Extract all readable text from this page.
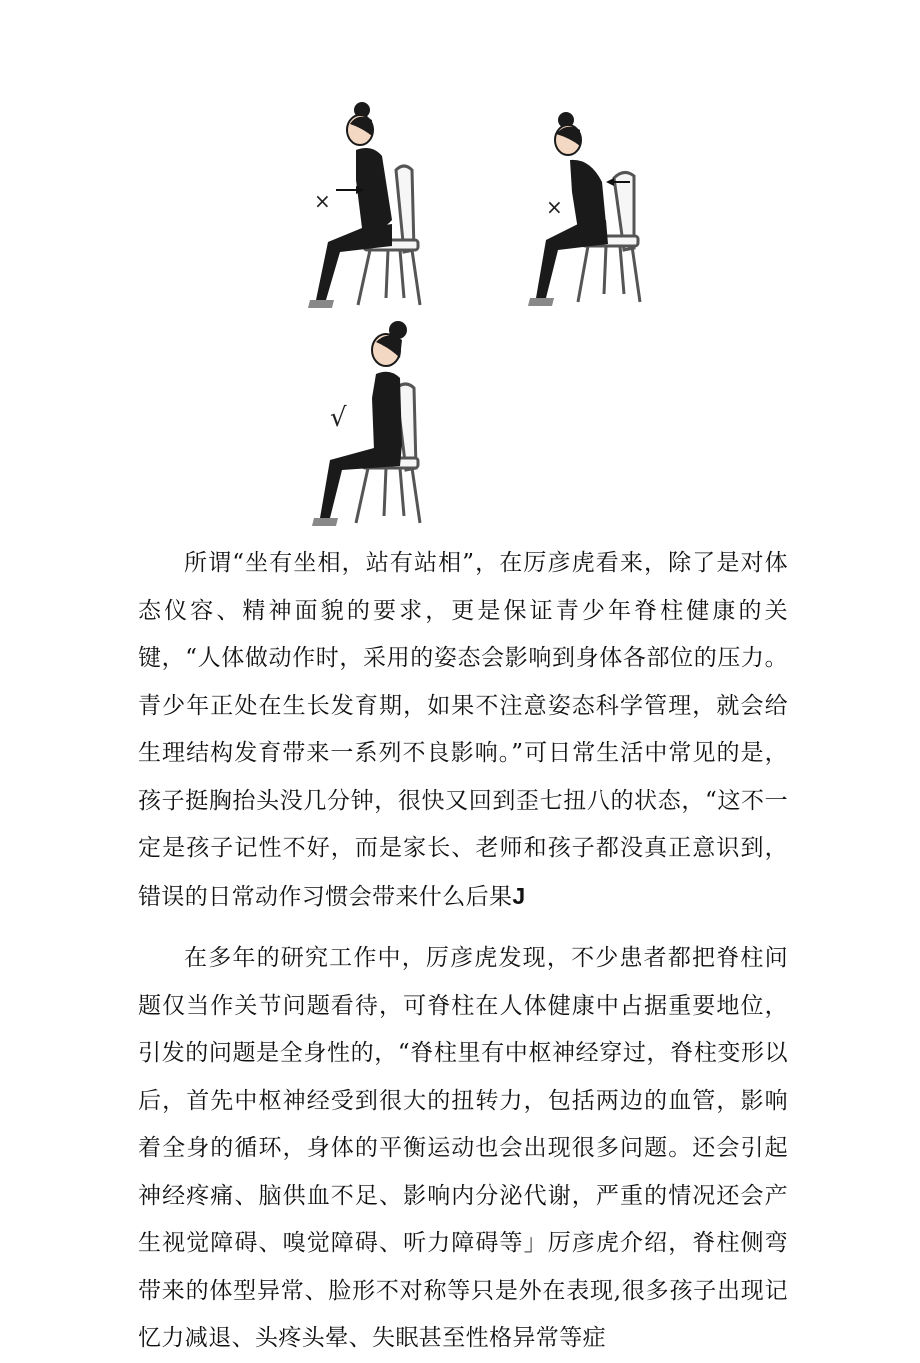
×	×
√

所谓“坐有坐相，站有站相”，在厉彦虎看来，除了是对体态仪容、精神面貌的要求，更是保证青少年脊柱健康的关键，“人体做动作时，采用的姿态会影响到身体各部位的压力。青少年正处在生长发育期，如果不注意姿态科学管理，就会给生理结构发育带来一系列不良影响。”可日常生活中常见的是，孩子挺胸抬头没几分钟，很快又回到歪七扭八的状态，“这不一定是孩子记性不好，而是家长、老师和孩子都没真正意识到，错误的日常动作习惯会带来什么后果J

在多年的研究工作中，厉彦虎发现，不少患者都把脊柱问题仅当作关节问题看待，可脊柱在人体健康中占据重要地位，引发的问题是全身性的，“脊柱里有中枢神经穿过，脊柱变形以后，首先中枢神经受到很大的扭转力，包括两边的血管，影响着全身的循环，身体的平衡运动也会出现很多问题。还会引起神经疼痛、脑供血不足、影响内分泌代谢，严重的情况还会产生视觉障碍、嗅觉障碍、听力障碍等」厉彦虎介绍，脊柱侧弯带来的体型异常、脸形不对称等只是外在表现,很多孩子出现记忆力减退、头疼头晕、失眠甚至性格异常等症
